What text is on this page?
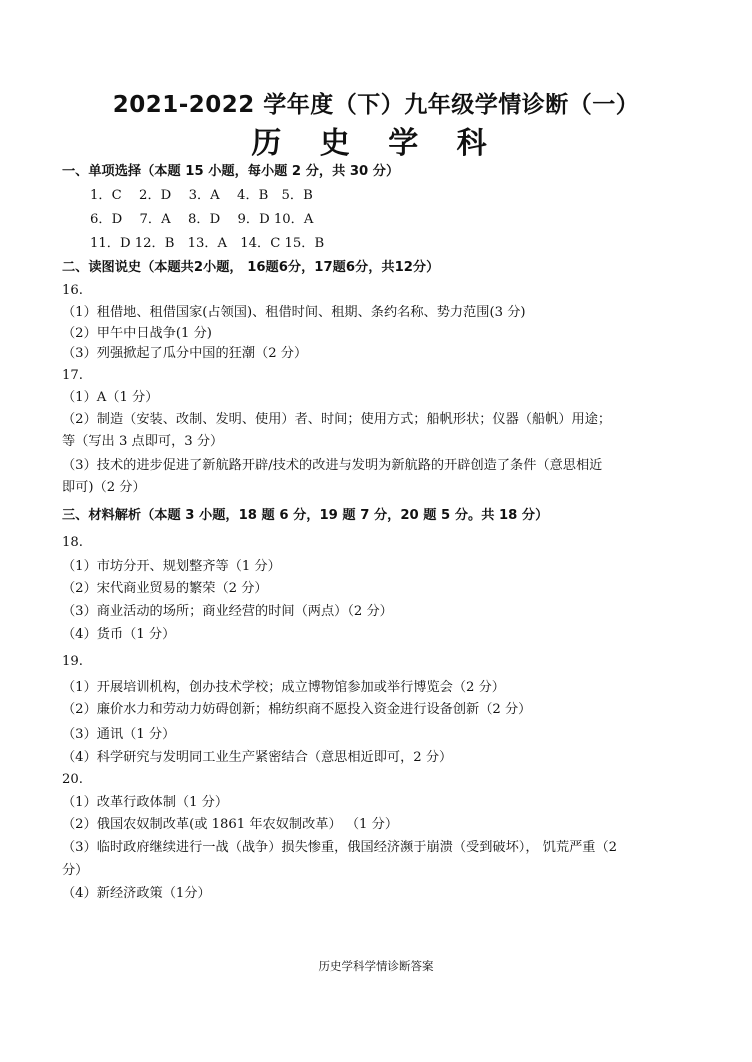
2021-2022 学年度（下）九年级学情诊断（一）
历 史 学 科
一、单项选择（本题 15 小题，每小题 2 分，共 30 分）
1．C　 2．D　 3．A　 4．B　5．B
6．D　 7．A　 8．D　 9．D 10．A
11．D 12．B　13．A　14．C 15．B
二、读图说史（本题共2小题， 16题6分，17题6分，共12分）
16.
（1）租借地、租借国家(占领国)、租借时间、租期、条约名称、势力范围(3 分)
（2）甲午中日战争(1 分)
（3）列强掀起了瓜分中国的狂潮（2 分）
17.
（1）A（1 分）
（2）制造（安装、改制、发明、使用）者、时间；使用方式；船帆形状；仪器（船帆）用途；
等（写出 3 点即可，3 分）
（3）技术的进步促进了新航路开辟/技术的改进与发明为新航路的开辟创造了条件（意思相近
即可)（2 分）
三、材料解析（本题 3 小题，18 题 6 分，19 题 7 分，20 题 5 分。共 18 分）
18.
（1）市坊分开、规划整齐等（1 分）
（2）宋代商业贸易的繁荣（2 分）
（3）商业活动的场所；商业经营的时间（两点）（2 分）
（4）货币（1 分）
19.
（1）开展培训机构，创办技术学校；成立博物馆参加或举行博览会（2 分）
（2）廉价水力和劳动力妨碍创新；棉纺织商不愿投入资金进行设备创新（2 分）
（3）通讯（1 分）
（4）科学研究与发明同工业生产紧密结合（意思相近即可，2 分）
20.
（1）改革行政体制（1 分）
（2）俄国农奴制改革(或 1861 年农奴制改革） （1 分）
（3）临时政府继续进行一战（战争）损失惨重，俄国经济濒于崩溃（受到破坏）， 饥荒严重（2
分）
（4）新经济政策（1分）
历史学科学情诊断答案
